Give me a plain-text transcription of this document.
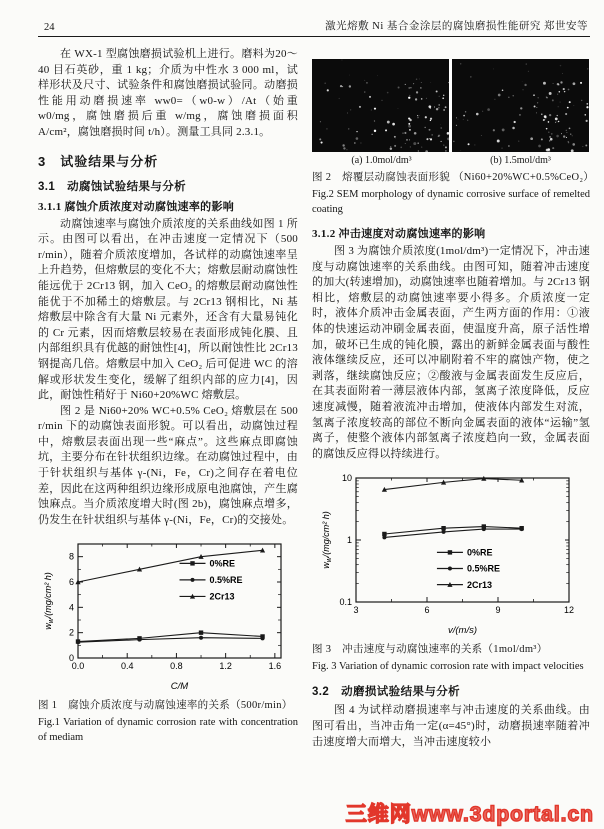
24	激光熔敷 Ni 基合金涂层的腐蚀磨损性能研究 郑世安等

在 WX-1 型腐蚀磨损试验机上进行。磨料为20～40 目石英砂，重 1 kg；介质为中性水 3 000 ml，试样形状及尺寸、试验条件和腐蚀磨损试验同。动磨损性能用动磨损速率 ww0=（w0-w）/At（始重 w0/mg，腐蚀磨损后重 w/mg，腐蚀磨损面积 A/cm²，腐蚀磨损时间 t/h）。测量工具同 2.3.1。

3　试验结果与分析
3.1　动腐蚀试验结果与分析
3.1.1 腐蚀介质浓度对动腐蚀速率的影响

动腐蚀速率与腐蚀介质浓度的关系曲线如图 1 所示。由图可以看出，在冲击速度一定情况下（500 r/min），随着介质浓度增加，各试样的动腐蚀速率呈上升趋势，但熔敷层的变化不大；熔敷层耐动腐蚀性能远优于 2Cr13 钢，加入 CeO₂ 的熔敷层耐动腐蚀性能优于不加稀土的熔敷层。与 2Cr13 钢相比，Ni 基熔敷层中除含有大量 Ni 元素外，还含有大量易钝化的 Cr 元素，因而熔敷层较易在表面形成钝化膜、且内部组织具有优越的耐蚀性[4]，所以耐蚀性比 2Cr13 钢提高几倍。熔敷层中加入 CeO₂ 后可促进 WC 的溶解或形状发生变化，缓解了组织内部的应力[4]，因此，耐蚀性稍好于 Ni60+20%WC 熔敷层。

图 2 是 Ni60+20% WC+0.5% CeO₂ 熔敷层在 500 r/min 下的动腐蚀表面形貌。可以看出，动腐蚀过程中，熔敷层表面出现一些“麻点”。这些麻点即腐蚀坑，主要分布在针状组织边缘。在动腐蚀过程中，由于针状组织与基体 γ-(Ni，Fe，Cr)之间存在着电位差，因此在这两种组织边缘形成原电池腐蚀，产生腐蚀麻点。当介质浓度增大时(图 2b)，腐蚀麻点增多，仍发生在针状组织与基体 γ-(Ni，Fe，Cr)的交接处。

0.0	0.4	0.8	1.2	1.6
0
2
4
6
8
C/M
$w_w/(mg$/cm² h)
0%RE
0.5%RE
2Cr13
图 1　腐蚀介质浓度与动腐蚀速率的关系（500r/min）
Fig.1 Variation of dynamic corrosion rate with concentration of mediam
(a) 1.0mol/dm³	(b) 1.5mol/dm³
图 2　熔覆层动腐蚀表面形貌 （Ni60+20%WC+0.5%CeO₂）
Fig.2 SEM morphology of dynamic corrosive surface of remelted coating
3.1.2 冲击速度对动腐蚀速率的影响

图 3 为腐蚀介质浓度(1mol/dm³)一定情况下，冲击速度与动腐蚀速率的关系曲线。由图可知，随着冲击速度的加大(转速增加)，动腐蚀速率也随着增加。与 2Cr13 钢相比，熔敷层的动腐蚀速率要小得多。介质浓度一定时，液体介质冲击金属表面，产生两方面的作用：①液体的快速运动冲刷金属表面，使温度升高，原子活性增加，破坏已生成的钝化膜，露出的新鲜金属表面与酸性液体继续反应，还可以冲刷附着不牢的腐蚀产物，使之剥落，继续腐蚀反应；②酸液与金属表面发生反应后，在其表面附着一薄层液体内部，氢离子浓度降低，反应速度减慢，随着液流冲击增加，使液体内部发生对流，氢离子浓度较高的部位不断向金属表面的液体“运输”氢离子，使整个液体内部氢离子浓度趋向一致，金属表面的腐蚀反应得以持续进行。

3	6	9	12
0.1
1
10
v/(m/s)
$w_w/(mg$/cm² h)	0%RE
0.5%RE
2Cr13
图 3　冲击速度与动腐蚀速率的关系（1mol/dm³）
Fig. 3 Variation of dynamic corrosion rate with impact velocities
3.2　动磨损试验结果与分析

图 4 为试样动磨损速率与冲击速度的关系曲线。由图可看出，当冲击角一定(α=45°)时，动磨损速率随着冲击速度增大而增大，当冲击速度较小

三维网www.3dportal.cn
